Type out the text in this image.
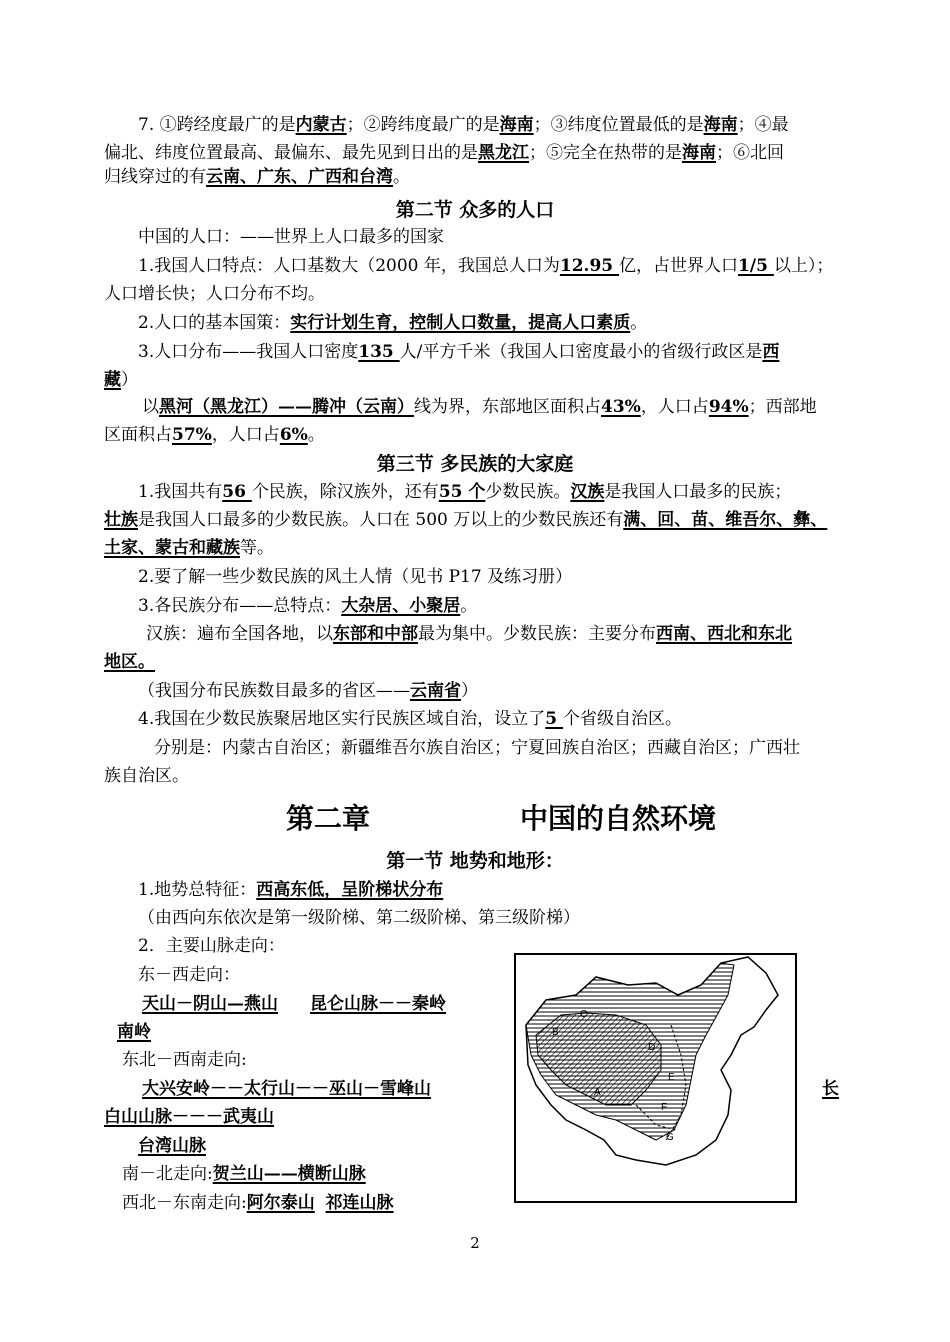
7. ①跨经度最广的是内蒙古；②跨纬度最广的是海南；③纬度位置最低的是海南；④最
偏北、纬度位置最高、最偏东、最先见到日出的是黑龙江；⑤完全在热带的是海南；⑥北回
归线穿过的有云南、广东、广西和台湾。
第二节 众多的人口
中国的人口：——世界上人口最多的国家
1.我国人口特点：人口基数大（2000 年，我国总人口为12.95 亿，占世界人口1/5 以上）；
人口增长快；人口分布不均。
2.人口的基本国策：实行计划生育，控制人口数量，提高人口素质。
3.人口分布——我国人口密度135 人/平方千米（我国人口密度最小的省级行政区是西
藏）
以黑河（黑龙江）——腾冲（云南）线为界，东部地区面积占43%，人口占94%；西部地
区面积占57%，人口占6%。
第三节 多民族的大家庭
1.我国共有56 个民族，除汉族外，还有55 个少数民族。汉族是我国人口最多的民族；
壮族是我国人口最多的少数民族。人口在 500 万以上的少数民族还有满、回、苗、维吾尔、彝、
土家、蒙古和藏族等。
2.要了解一些少数民族的风土人情（见书 P17 及练习册）
3.各民族分布——总特点：大杂居、小聚居。
汉族：遍布全国各地，以东部和中部最为集中。少数民族：主要分布西南、西北和东北
地区。
（我国分布民族数目最多的省区——云南省）
4.我国在少数民族聚居地区实行民族区域自治，设立了5 个省级自治区。
分别是：内蒙古自治区；新疆维吾尔族自治区；宁夏回族自治区；西藏自治区；广西壮
族自治区。
第二章	中国的自然环境
第一节 地势和地形：
1.地势总特征：西高东低，呈阶梯状分布
（由西向东依次是第一级阶梯、第二级阶梯、第三级阶梯）
2．主要山脉走向：
东－西走向：
天山－阴山—燕山 昆仑山脉－－秦岭
南岭
东北－西南走向:
大兴安岭－－太行山－－巫山－雪峰山	长
白山山脉－－－武夷山
台湾山脉
南－北走向:贺兰山——横断山脉
西北－东南走向:阿尔泰山 祁连山脉
A
B
C
D
E
F
G
2
